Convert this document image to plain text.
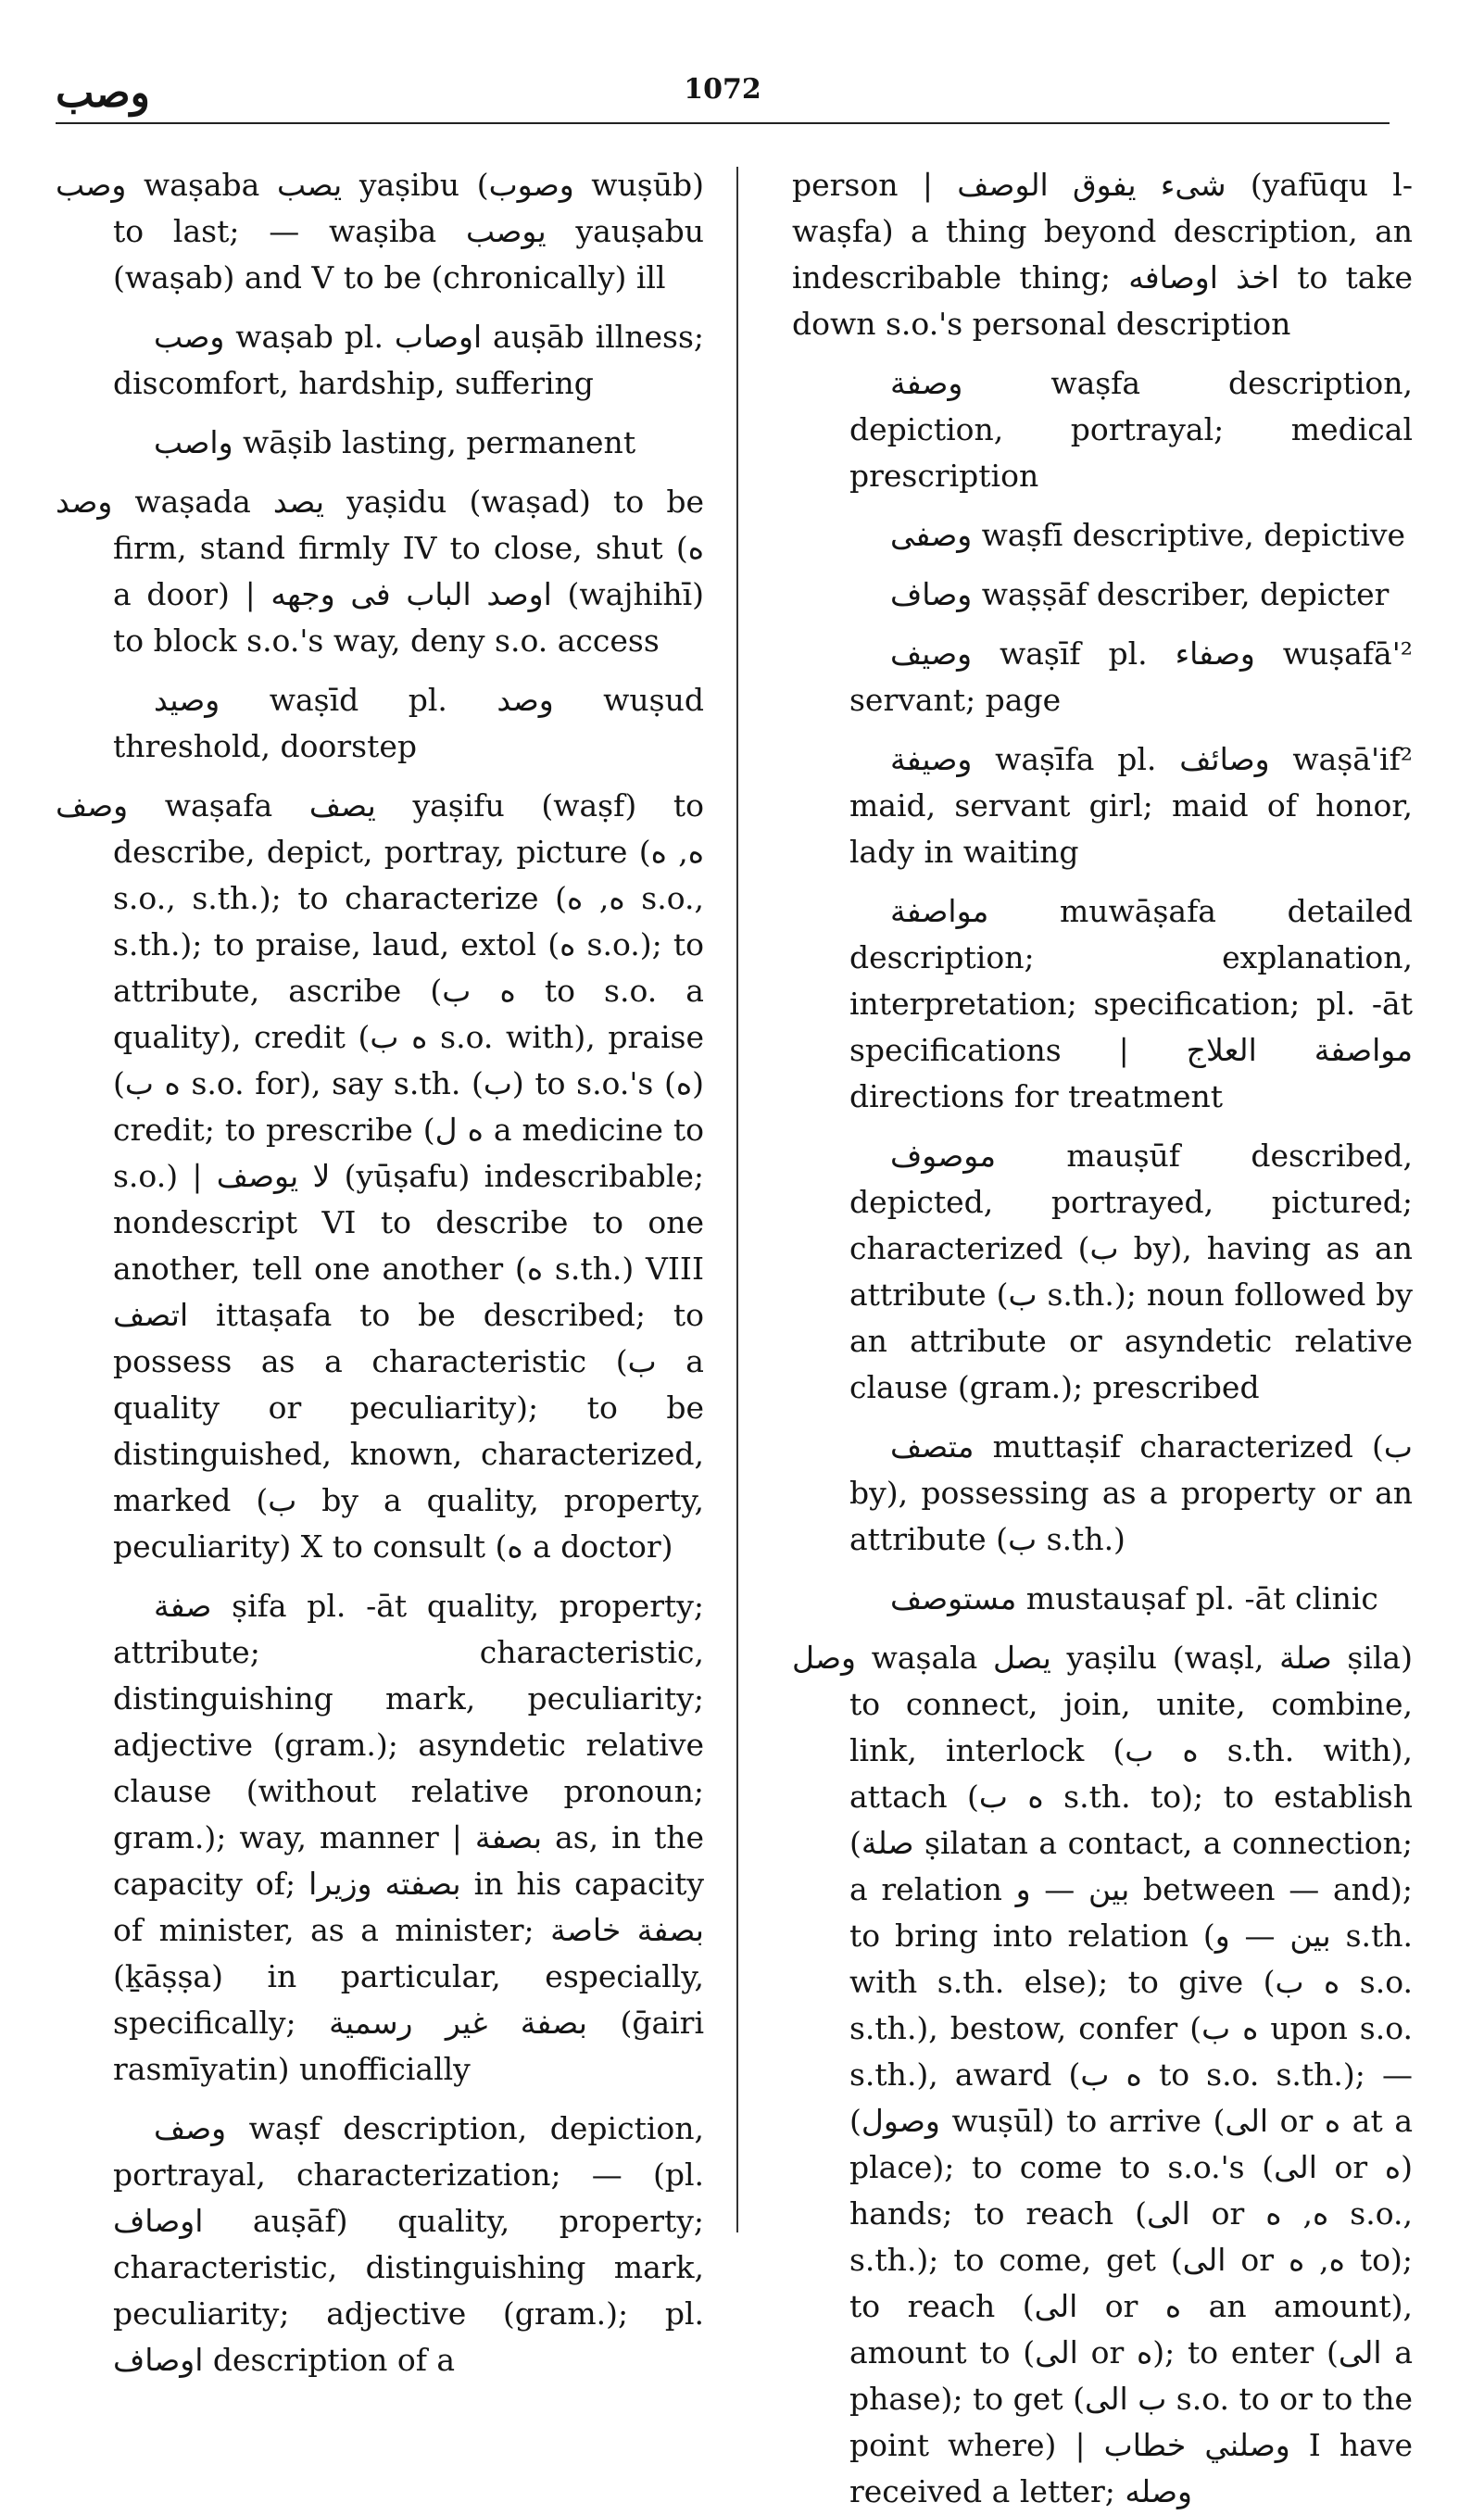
وصب	1072

وصب waṣaba يصب yaṣibu (وصوب wuṣūb) to last; — waṣiba يوصب yauṣabu (waṣab) and V to be (chronically) ill

وصب waṣab pl. اوصاب auṣāb illness; discomfort, hardship, suffering

واصب wāṣib lasting, permanent

وصد waṣada يصد yaṣidu (waṣad) to be firm, stand firmly IV to close, shut (ه a door) | اوصد الباب فى وجهه (wajhihī) to block s.o.'s way, deny s.o. access

وصيد waṣīd pl. وصد wuṣud threshold, doorstep

وصف waṣafa يصف yaṣifu (waṣf) to describe, depict, portray, picture (ه, ه s.o., s.th.); to characterize (ه, ه s.o., s.th.); to praise, laud, extol (ه s.o.); to attribute, ascribe (ه ب to s.o. a quality), credit (ه ب s.o. with), praise (ه ب s.o. for), say s.th. (ب) to s.o.'s (ه) credit; to prescribe (ه ل a medicine to s.o.) | لا يوصف (yūṣafu) indescribable; nondescript VI to describe to one another, tell one another (ه s.th.) VIII اتصف ittaṣafa to be described; to possess as a characteristic (ب a quality or peculiarity); to be distinguished, known, characterized, marked (ب by a quality, property, peculiarity) X to consult (ه a doctor)

صفة ṣifa pl. -āt quality, property; attribute; characteristic, distinguishing mark, peculiarity; adjective (gram.); asyndetic relative clause (without relative pronoun; gram.); way, manner | بصفة as, in the capacity of; بصفته وزيرا in his capacity of minister, as a minister; بصفة خاصة (ḵāṣṣa) in particular, especially, specifically; بصفة غير رسمية (ḡairi rasmīyatin) unofficially

وصف waṣf description, depiction, portrayal, characterization; — (pl. اوصاف auṣāf) quality, property; characteristic, distinguishing mark, peculiarity; adjective (gram.); pl. اوصاف description of a

person | شىء يفوق الوصف (yafūqu l-waṣfa) a thing beyond description, an indescribable thing; اخذ اوصافه to take down s.o.'s personal description

وصفة waṣfa description, depiction, portrayal; medical prescription

وصفى waṣfī descriptive, depictive

وصاف waṣṣāf describer, depicter

وصيف waṣīf pl. وصفاء wuṣafā'² servant; page

وصيفة waṣīfa pl. وصائف waṣā'if² maid, servant girl; maid of honor, lady in waiting

مواصفة muwāṣafa detailed description; explanation, interpretation; specification; pl. -āt specifications | مواصفة العلاج directions for treatment

موصوف mauṣūf described, depicted, portrayed, pictured; characterized (ب by), having as an attribute (ب s.th.); noun followed by an attribute or asyndetic relative clause (gram.); prescribed

متصف muttaṣif characterized (ب by), possessing as a property or an attribute (ب s.th.)

مستوصف mustauṣaf pl. -āt clinic

وصل waṣala يصل yaṣilu (waṣl, صلة ṣila) to connect, join, unite, combine, link, interlock (ه ب s.th. with), attach (ه ب s.th. to); to establish (صلة ṣilatan a contact, a connection; a relation بين — و between — and); to bring into relation (بين — و s.th. with s.th. else); to give (ه ب s.o. s.th.), bestow, confer (ه ب upon s.o. s.th.), award (ه ب to s.o. s.th.); — (وصول wuṣūl) to arrive (الى or ه at a place); to come to s.o.'s (الى or ه) hands; to reach (الى or ه, ه s.o., s.th.); to come, get (الى or ه, ه to); to reach (الى or ه an amount), amount to (الى or ه); to enter (الى a phase); to get (ب الى s.o. to or to the point where) | وصلني خطاب I have received a letter; وصله
